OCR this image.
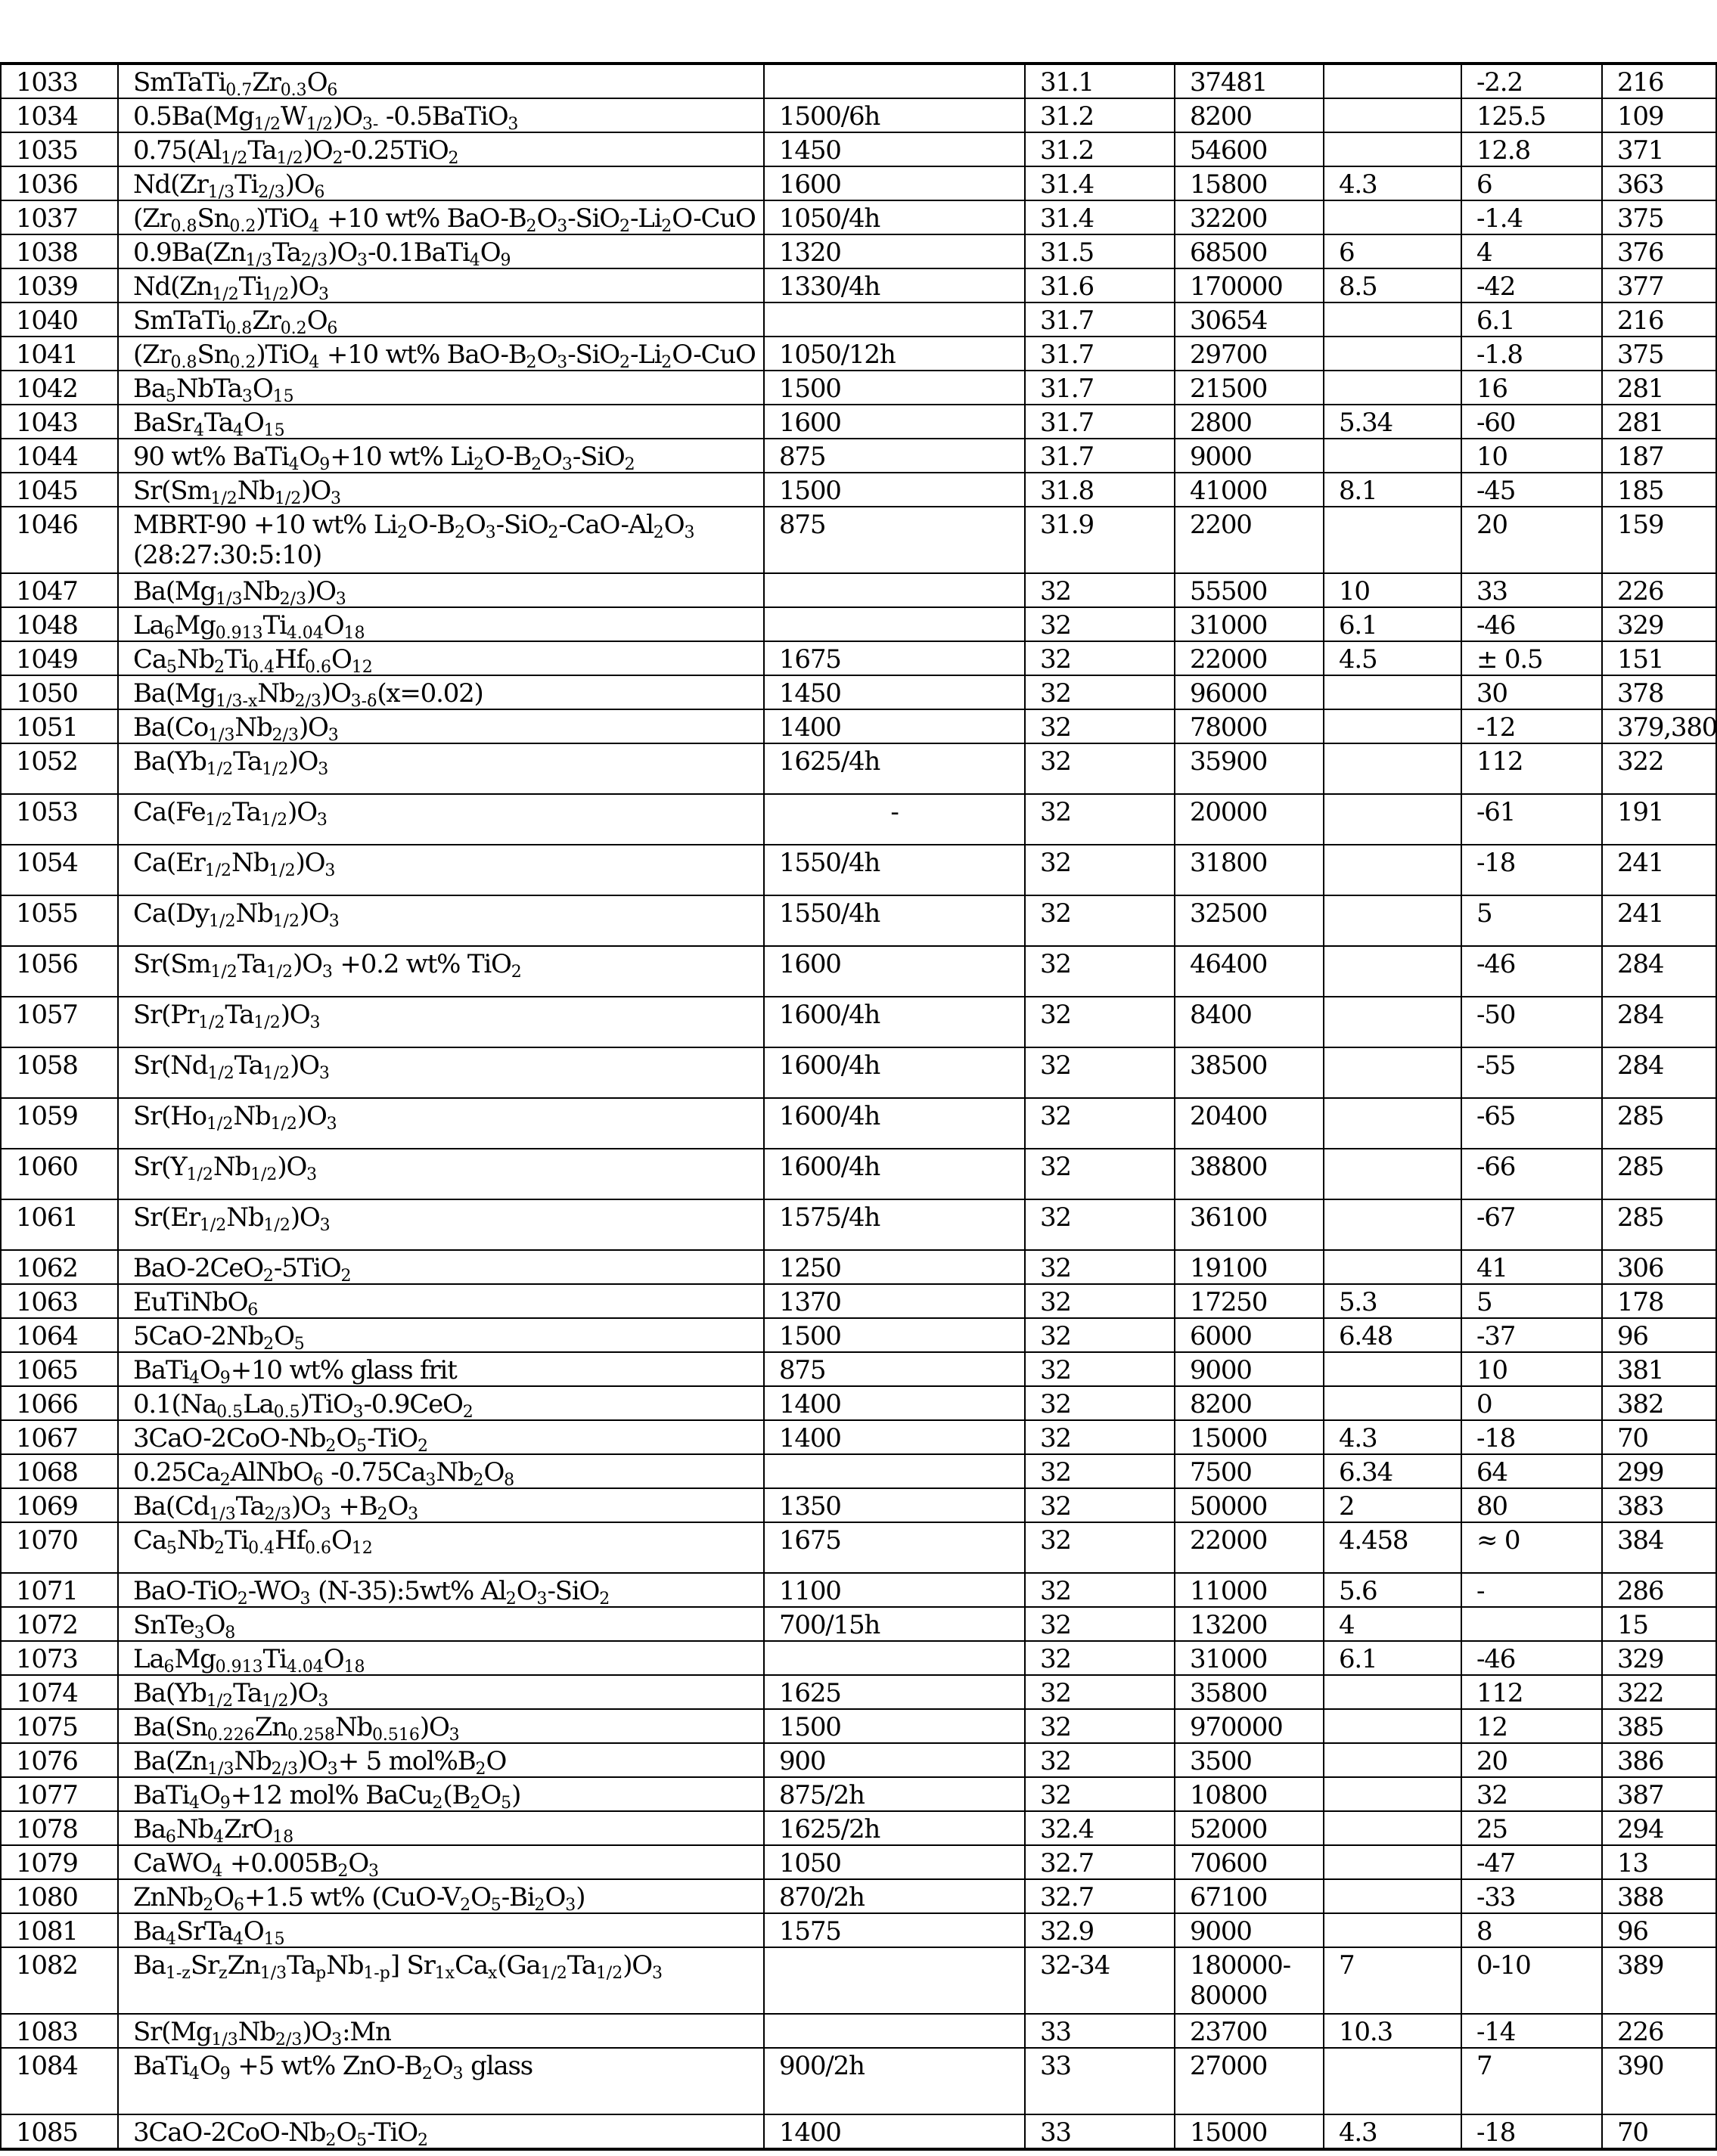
1033	$SmTaTi_{0.7}Zr_{0.3}O_6$		31.1	37481		-2.2	216
1034	$0.5Ba(Mg_{1/2}W_{1/2})O_{3-}$ -0.5BaTiO$_3$	1500/6h	31.2	8200		125.5	109
1035	$0.75(Al_{1/2}Ta_{1/2})O_2-0.25TiO_2$	1450	31.2	54600		12.8	371
1036	$Nd(Zr_{1/3}Ti_{2/3})O_6$	1600	31.4	15800	4.3	6	363
1037	$(Zr_{0.8}Sn_{0.2})TiO_4 +10$ wt% BaO-$B_2O_3-SiO_2-Li_2O$-CuO	1050/4h	31.4	32200		-1.4	375
1038	$0.9Ba(Zn_{1/3}Ta_{2/3})O_3-0.1BaTi_4O_9$	1320	31.5	68500	6	4	376
1039	$Nd(Zn_{1/2}Ti_{1/2})O_3$	1330/4h	31.6	170000	8.5	-42	377
1040	$SmTaTi_{0.8}Zr_{0.2}O_6$		31.7	30654		6.1	216
1041	$(Zr_{0.8}Sn_{0.2})TiO_4 +10$ wt% BaO-$B_2O_3-SiO_2-Li_2O$-CuO	1050/12h	31.7	29700		-1.8	375
1042	$Ba_5NbTa_3O_{15}$	1500	31.7	21500		16	281
1043	$BaSr_4Ta_4O_{15}$	1600	31.7	2800	5.34	-60	281
1044	90 wt% $BaTi_4O_9+10$ wt% $Li_2O-B_2O_3-SiO_2$	875	31.7	9000		10	187
1045	$Sr(Sm_{1/2}Nb_{1/2})O_3$	1500	31.8	41000	8.1	-45	185
1046	MBRT-90 +10 wt% $Li_2O-B_2O_3-SiO_2-CaO-Al_2O_3$
(28:27:30:5:10)	875	31.9	2200		20	159
1047	$Ba(Mg_{1/3}Nb_{2/3})O_3$		32	55500	10	33	226
1048	$La_6Mg_{0.913}Ti_{4.04}O_{18}$		32	31000	6.1	-46	329
1049	$Ca_5Nb_2Ti_{0.4}Hf_{0.6}O_{12}$	1675	32	22000	4.5	± 0.5	151
1050	$Ba(Mg_{1/3-x}Nb_{2/3})O_{3-\delta}(x=0.02)$	1450	32	96000		30	378
1051	$Ba(Co_{1/3}Nb_{2/3})O_3$	1400	32	78000		-12	379,380
1052	$Ba(Yb_{1/2}Ta_{1/2})O_3$	1625/4h	32	35900		112	322
1053	$Ca(Fe_{1/2}Ta_{1/2})O_3$	-	32	20000		-61	191
1054	$Ca(Er_{1/2}Nb_{1/2})O_3$	1550/4h	32	31800		-18	241
1055	$Ca(Dy_{1/2}Nb_{1/2})O_3$	1550/4h	32	32500		5	241
1056	$Sr(Sm_{1/2}Ta_{1/2})O_3 +0.2$ wt% TiO$_2$	1600	32	46400		-46	284
1057	$Sr(Pr_{1/2}Ta_{1/2})O_3$	1600/4h	32	8400		-50	284
1058	$Sr(Nd_{1/2}Ta_{1/2})O_3$	1600/4h	32	38500		-55	284
1059	$Sr(Ho_{1/2}Nb_{1/2})O_3$	1600/4h	32	20400		-65	285
1060	$Sr(Y_{1/2}Nb_{1/2})O_3$	1600/4h	32	38800		-66	285
1061	$Sr(Er_{1/2}Nb_{1/2})O_3$	1575/4h	32	36100		-67	285
1062	BaO-2CeO$_2$-5TiO$_2$	1250	32	19100		41	306
1063	EuTiNbO$_6$	1370	32	17250	5.3	5	178
1064	$5CaO-2Nb_2O_5$	1500	32	6000	6.48	-37	96
1065	$BaTi_4O_9+10$ wt% glass frit	875	32	9000		10	381
1066	$0.1(Na_{0.5}La_{0.5})TiO_3-0.9CeO_2$	1400	32	8200		0	382
1067	$3CaO-2CoO-Nb_2O_5-TiO_2$	1400	32	15000	4.3	-18	70
1068	$0.25Ca_2AlNbO_6$ $-0.75Ca_3Nb_2O_8$		32	7500	6.34	64	299
1069	$Ba(Cd_{1/3}Ta_{2/3})O_3 +B_2O_3$	1350	32	50000	2	80	383
1070	$Ca_5Nb_2Ti_{0.4}Hf_{0.6}O_{12}$	1675	32	22000	4.458	≈ 0	384
1071	BaO-$TiO_2-WO_3$ (N-35):5wt% $Al_2O_3-SiO_2$	1100	32	11000	5.6	-	286
1072	$SnTe_3O_8$	700/15h	32	13200	4		15
1073	$La_6Mg_{0.913}Ti_{4.04}O_{18}$		32	31000	6.1	-46	329
1074	$Ba(Yb_{1/2}Ta_{1/2})O_3$	1625	32	35800		112	322
1075	$Ba(Sn_{0.226}Zn_{0.258}Nb_{0.516})O_3$	1500	32	970000		12	385
1076	$Ba(Zn_{1/3}Nb_{2/3})O_3+ 5$ $mol\%B_2O$	900	32	3500		20	386
1077	$BaTi_4O_9+12$ mol% $BaCu_2(B_2O_5)$	875/2h	32	10800		32	387
1078	$Ba_6Nb_4ZrO_{18}$	1625/2h	32.4	52000		25	294
1079	CaWO$_4$ $+0.005B_2O_3$	1050	32.7	70600		-47	13
1080	$ZnNb_2O_6+1.5$ wt% $(CuO-V_2O_5-Bi_2O_3)$	870/2h	32.7	67100		-33	388
1081	$Ba_4SrTa_4O_{15}$	1575	32.9	9000		8	96
1082	$Ba_{1-z}Sr_zZn_{1/3}Ta_pNb_{1-p}$] $Sr_{1x}Ca_x(Ga_{1/2}Ta_{1/2})O_3$		32-34	180000-
80000	7	0-10	389
1083	$Sr(Mg_{1/3}Nb_{2/3})O_3:Mn$		33	23700	10.3	-14	226
1084	$BaTi_4O_9 +5$ wt% ZnO-$B_2O_3$ glass	900/2h	33	27000		7	390
1085	$3CaO-2CoO-Nb_2O_5-TiO_2$	1400	33	15000	4.3	-18	70
